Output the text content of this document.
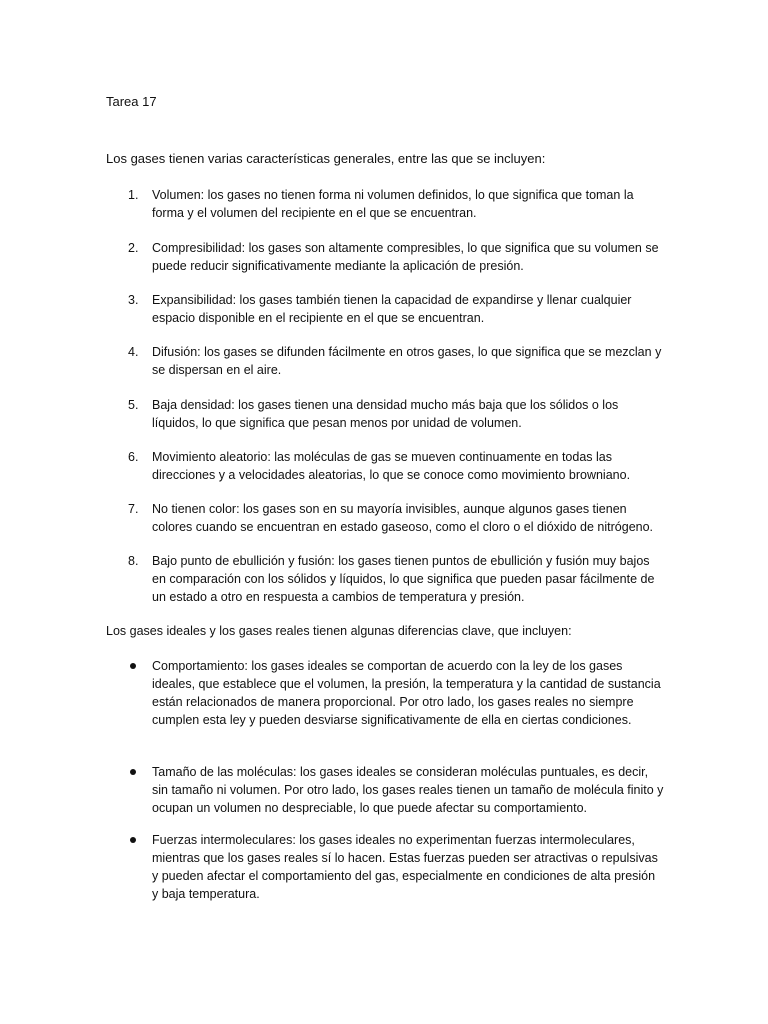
Tarea 17
Los gases tienen varias características generales, entre las que se incluyen:
1. Volumen: los gases no tienen forma ni volumen definidos, lo que significa que toman la forma y el volumen del recipiente en el que se encuentran.
2. Compresibilidad: los gases son altamente compresibles, lo que significa que su volumen se puede reducir significativamente mediante la aplicación de presión.
3. Expansibilidad: los gases también tienen la capacidad de expandirse y llenar cualquier espacio disponible en el recipiente en el que se encuentran.
4. Difusión: los gases se difunden fácilmente en otros gases, lo que significa que se mezclan y se dispersan en el aire.
5. Baja densidad: los gases tienen una densidad mucho más baja que los sólidos o los líquidos, lo que significa que pesan menos por unidad de volumen.
6. Movimiento aleatorio: las moléculas de gas se mueven continuamente en todas las direcciones y a velocidades aleatorias, lo que se conoce como movimiento browniano.
7. No tienen color: los gases son en su mayoría invisibles, aunque algunos gases tienen colores cuando se encuentran en estado gaseoso, como el cloro o el dióxido de nitrógeno.
8. Bajo punto de ebullición y fusión: los gases tienen puntos de ebullición y fusión muy bajos en comparación con los sólidos y líquidos, lo que significa que pueden pasar fácilmente de un estado a otro en respuesta a cambios de temperatura y presión.
Los gases ideales y los gases reales tienen algunas diferencias clave, que incluyen:
Comportamiento: los gases ideales se comportan de acuerdo con la ley de los gases ideales, que establece que el volumen, la presión, la temperatura y la cantidad de sustancia están relacionados de manera proporcional. Por otro lado, los gases reales no siempre cumplen esta ley y pueden desviarse significativamente de ella en ciertas condiciones.
Tamaño de las moléculas: los gases ideales se consideran moléculas puntuales, es decir, sin tamaño ni volumen. Por otro lado, los gases reales tienen un tamaño de molécula finito y ocupan un volumen no despreciable, lo que puede afectar su comportamiento.
Fuerzas intermoleculares: los gases ideales no experimentan fuerzas intermoleculares, mientras que los gases reales sí lo hacen. Estas fuerzas pueden ser atractivas o repulsivas y pueden afectar el comportamiento del gas, especialmente en condiciones de alta presión y baja temperatura.
